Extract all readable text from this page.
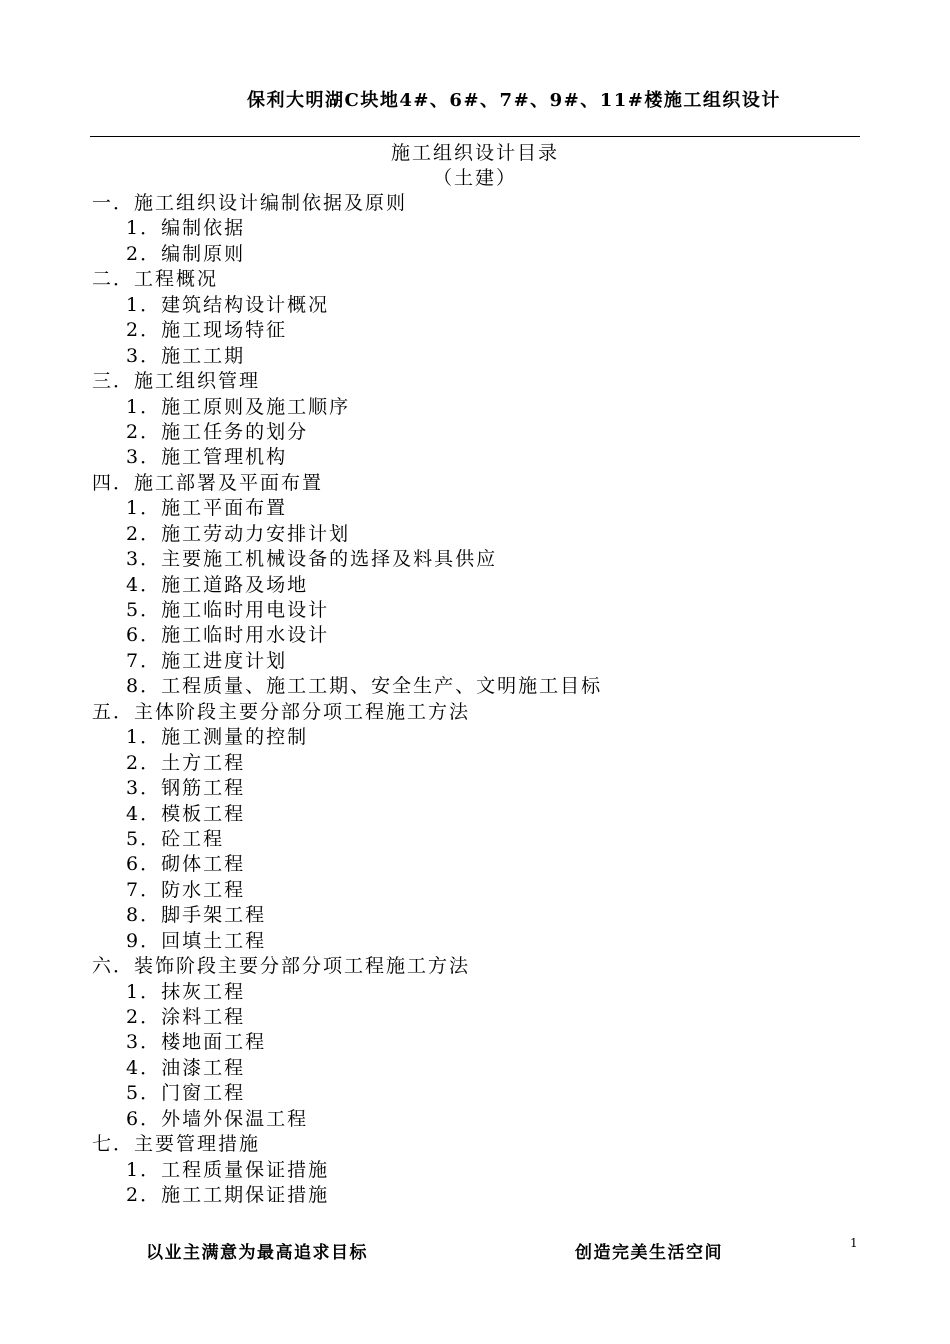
保利大明湖C块地4#、6#、7#、9#、11#楼施工组织设计
施工组织设计目录
（土建）
一．施工组织设计编制依据及原则
1．编制依据
2．编制原则
二．工程概况
1．建筑结构设计概况
2．施工现场特征
3．施工工期
三．施工组织管理
1．施工原则及施工顺序
2．施工任务的划分
3．施工管理机构
四．施工部署及平面布置
1．施工平面布置
2．施工劳动力安排计划
3．主要施工机械设备的选择及料具供应
4．施工道路及场地
5．施工临时用电设计
6．施工临时用水设计
7．施工进度计划
8．工程质量、施工工期、安全生产、文明施工目标
五．主体阶段主要分部分项工程施工方法
1．施工测量的控制
2．土方工程
3．钢筋工程
4．模板工程
5．砼工程
6．砌体工程
7．防水工程
8．脚手架工程
9．回填土工程
六．装饰阶段主要分部分项工程施工方法
1．抹灰工程
2．涂料工程
3．楼地面工程
4．油漆工程
5．门窗工程
6．外墙外保温工程
七．主要管理措施
1．工程质量保证措施
2．施工工期保证措施
以业主满意为最高追求目标	创造完美生活空间	1
